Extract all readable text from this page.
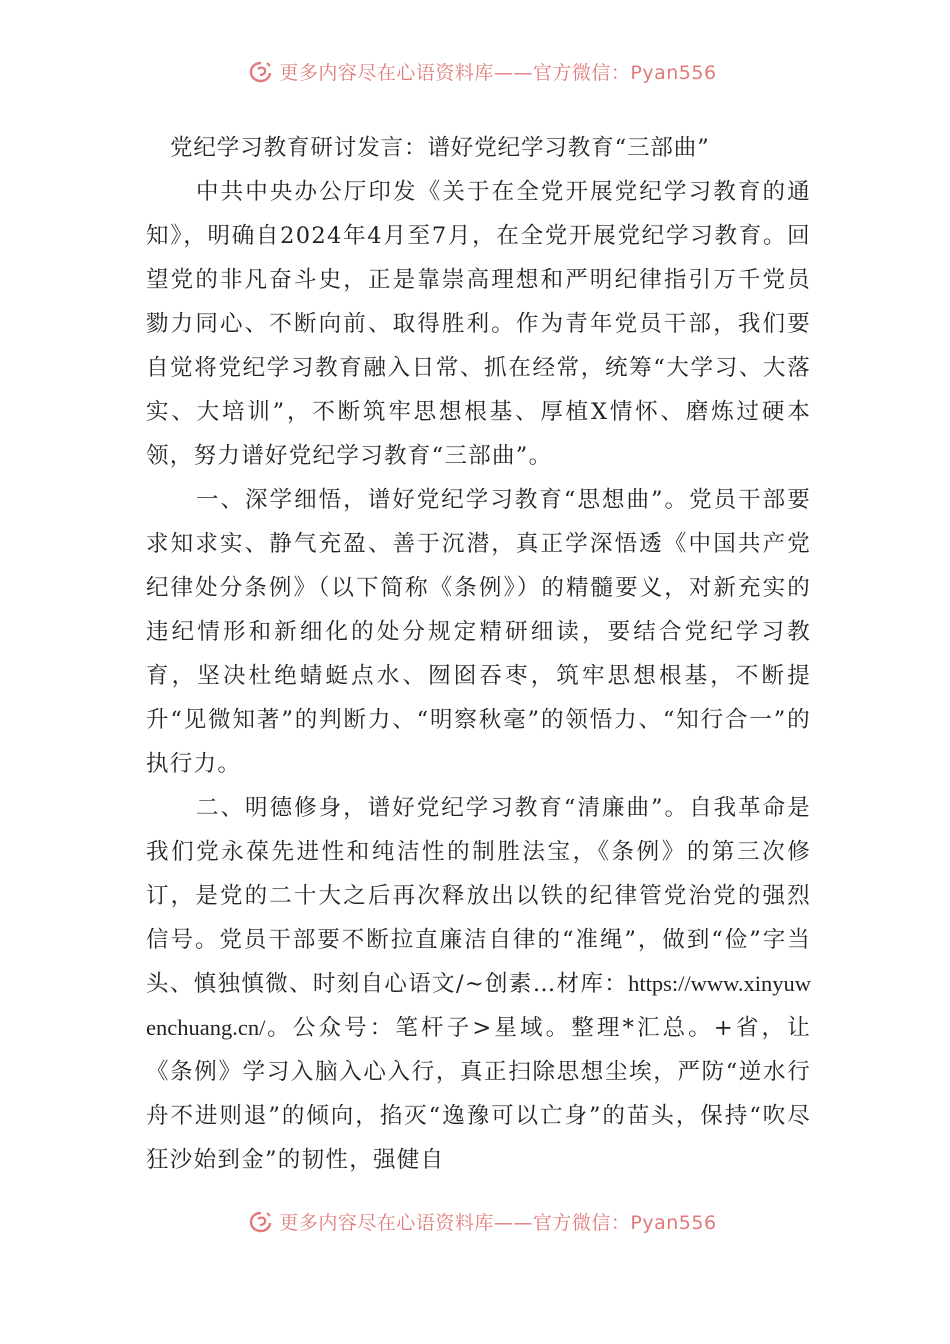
更多内容尽在心语资料库——官方微信：Pyan556
党纪学习教育研讨发言：谱好党纪学习教育“三部曲”

中共中央办公厅印发《关于在全党开展党纪学习教育的通知》，明确自2024年4月至7月，在全党开展党纪学习教育。回望党的非凡奋斗史，正是靠崇高理想和严明纪律指引万千党员勠力同心、不断向前、取得胜利。作为青年党员干部，我们要自觉将党纪学习教育融入日常、抓在经常，统筹“大学习、大落实、大培训”，不断筑牢思想根基、厚植X情怀、磨炼过硬本领，努力谱好党纪学习教育“三部曲”。

一、深学细悟，谱好党纪学习教育“思想曲”。党员干部要求知求实、静气充盈、善于沉潜，真正学深悟透《中国共产党纪律处分条例》（以下简称《条例》）的精髓要义，对新充实的违纪情形和新细化的处分规定精研细读，要结合党纪学习教育，坚决杜绝蜻蜓点水、囫囵吞枣，筑牢思想根基，不断提升“见微知著”的判断力、“明察秋毫”的领悟力、“知行合一”的执行力。

二、明德修身，谱好党纪学习教育“清廉曲”。自我革命是我们党永葆先进性和纯洁性的制胜法宝，《条例》的第三次修订，是党的二十大之后再次释放出以铁的纪律管党治党的强烈信号。党员干部要不断拉直廉洁自律的“准绳”，做到“俭”字当头、慎独慎微、时刻自心语文/~创素…材库：https://www.xinyuwenchuang.cn/。公众号：笔杆子>星域。整理*汇总。+省，让《条例》学习入脑入心入行，真正扫除思想尘埃，严防“逆水行舟不进则退”的倾向，掐灭“逸豫可以亡身”的苗头，保持“吹尽狂沙始到金”的韧性，强健自

更多内容尽在心语资料库——官方微信：Pyan556
